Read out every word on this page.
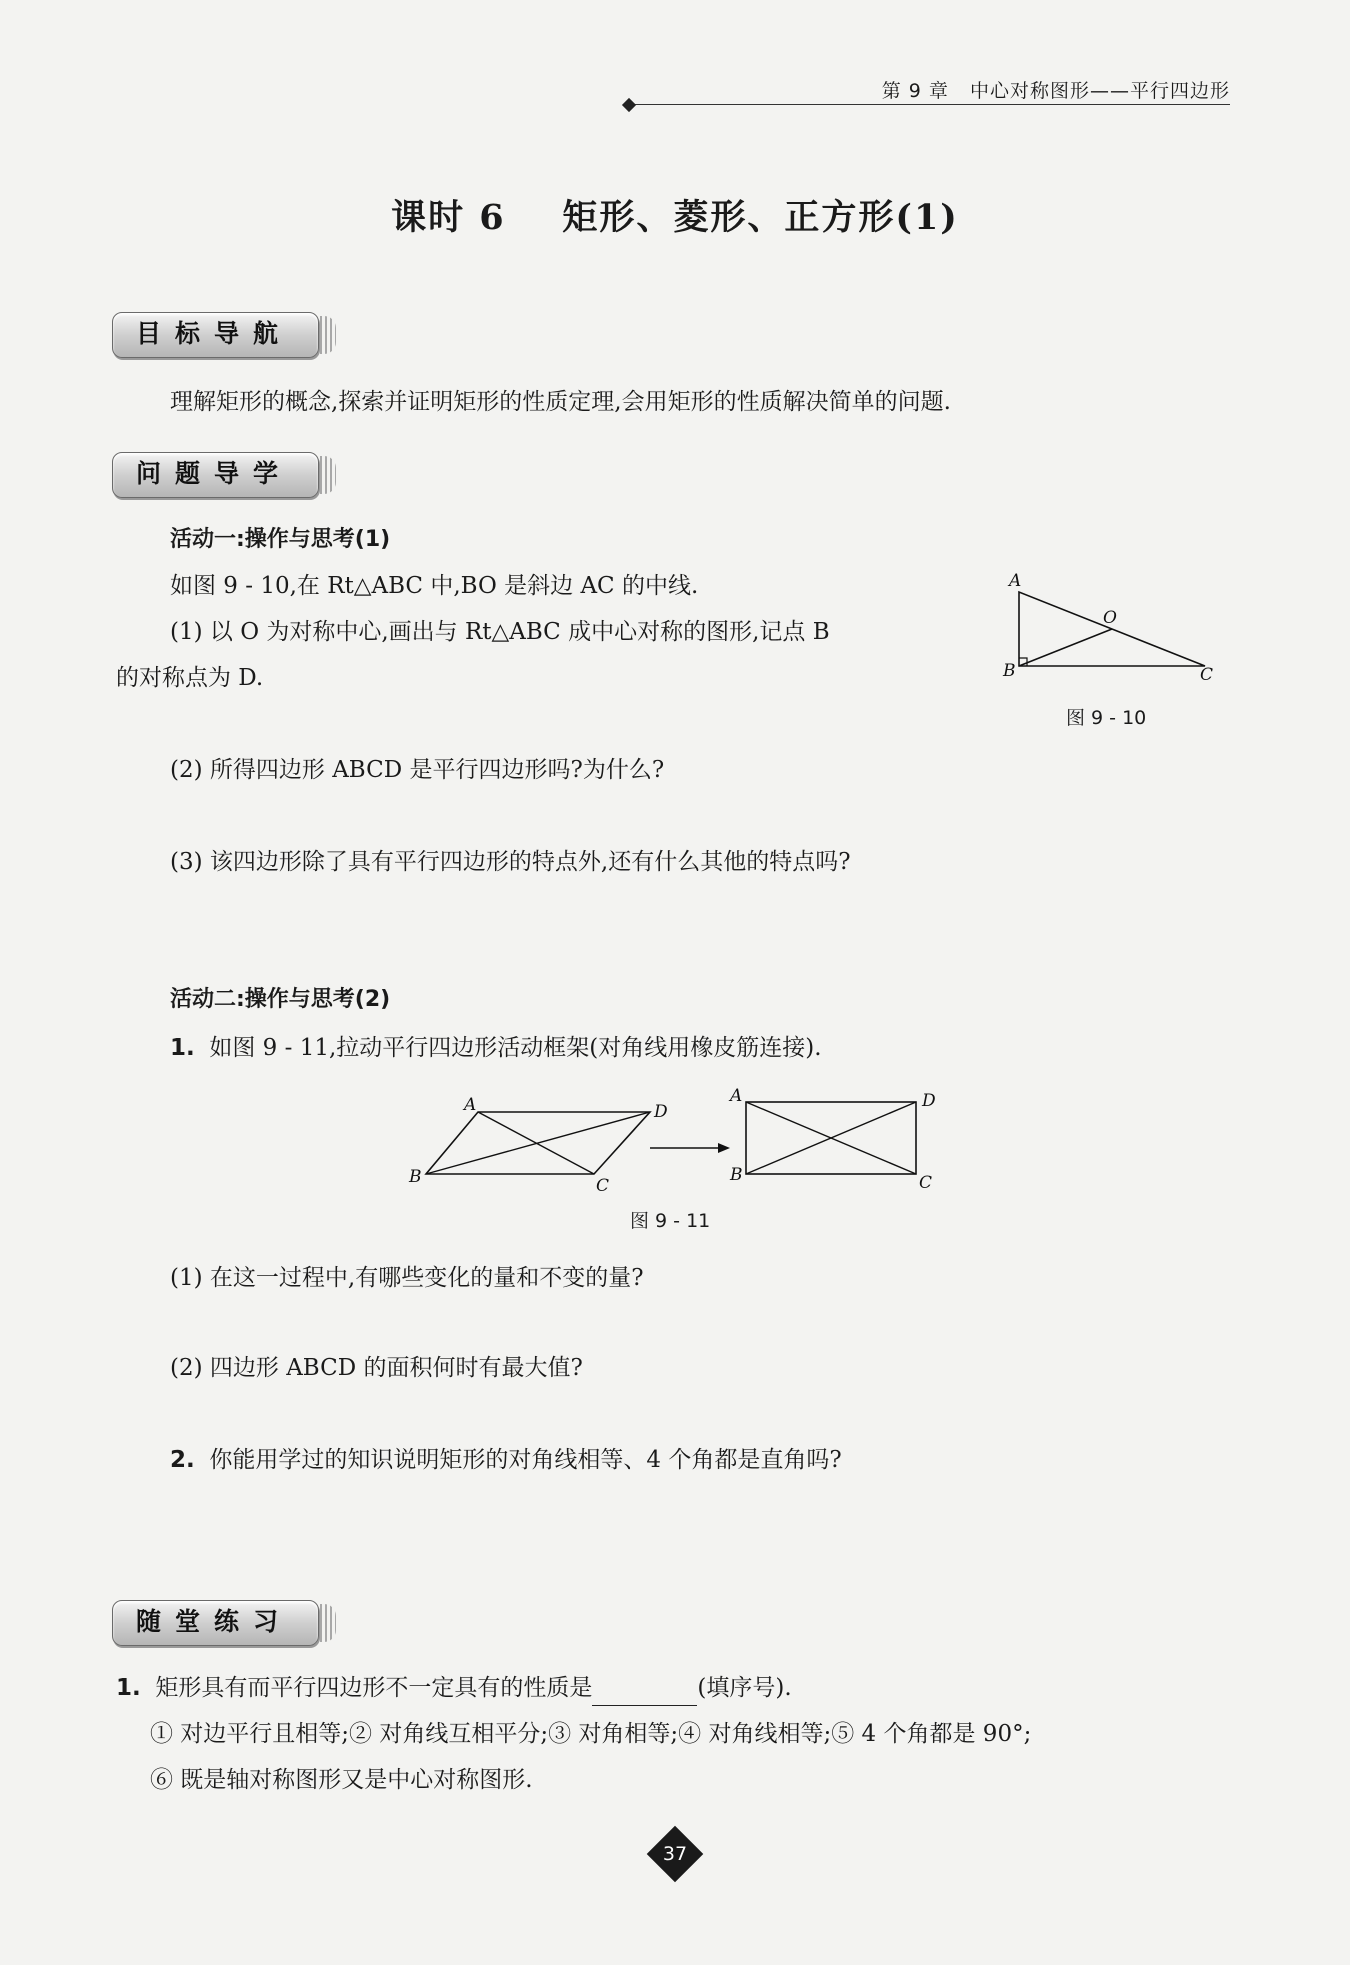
第 9 章   中心对称图形——平行四边形
课时 6    矩形、菱形、正方形(1)
目标导航
理解矩形的概念,探索并证明矩形的性质定理,会用矩形的性质解决简单的问题.
问题导学
活动一:操作与思考(1)
如图 9 - 10,在 Rt△ABC 中,BO 是斜边 AC 的中线.
(1) 以 O 为对称中心,画出与 Rt△ABC 成中心对称的图形,记点 B
的对称点为 D.
A
O
B	C
图 9 - 10
(2) 所得四边形 ABCD 是平行四边形吗?为什么?
(3) 该四边形除了具有平行四边形的特点外,还有什么其他的特点吗?
活动二:操作与思考(2)
1. 如图 9 - 11,拉动平行四边形活动框架(对角线用橡皮筋连接).
A	D
B	C
A	D
B	C
图 9 - 11
(1) 在这一过程中,有哪些变化的量和不变的量?
(2) 四边形 ABCD 的面积何时有最大值?
2. 你能用学过的知识说明矩形的对角线相等、4 个角都是直角吗?
随堂练习
1. 矩形具有而平行四边形不一定具有的性质是	(填序号).
① 对边平行且相等;② 对角线互相平分;③ 对角相等;④ 对角线相等;⑤ 4 个角都是 90°;
⑥ 既是轴对称图形又是中心对称图形.
37
